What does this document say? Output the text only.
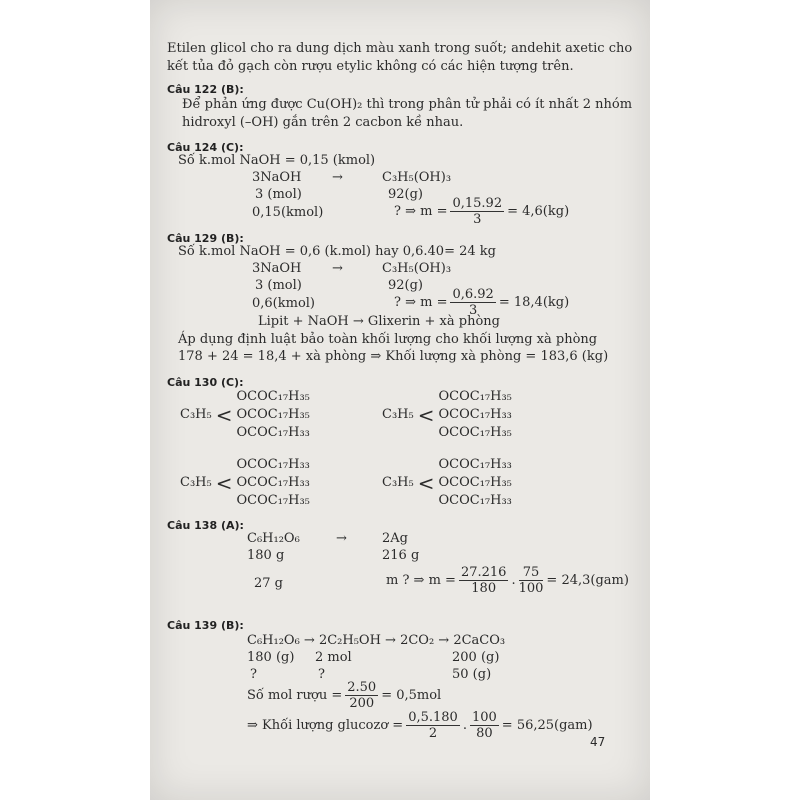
Etilen glicol cho ra dung dịch màu xanh trong suốt; andehit axetic cho
kết tủa đỏ gạch còn rượu etylic không có các hiện tượng trên.
Câu 122 (B):
Để phản ứng được Cu(OH)₂ thì trong phân tử phải có ít nhất 2 nhóm
hidroxyl (–OH) gắn trên 2 cacbon kề nhau.
Câu 124 (C):
Số k.mol NaOH = 0,15 (kmol)
3NaOH →	C₃H₅(OH)₃
3 (mol)	92(g)
0,15(kmol)	? ⇒ $m = \frac{0,15.92}{3} = 4,6(kg)$
Câu 129 (B):
Số k.mol NaOH = 0,6 (k.mol) hay 0,6.40= 24 kg
3NaOH →	C₃H₅(OH)₃
3 (mol)	92(g)
0,6(kmol)	? ⇒ $m = \frac{0,6.92}{3} = 18,4(kg)$
Lipit + NaOH → Glixerin + xà phòng
Áp dụng định luật bảo toàn khối lượng cho khối lượng xà phòng
178 + 24 = 18,4 + xà phòng ⇒ Khối lượng xà phòng = 183,6 (kg)
Câu 130 (C):
C₃H₅ <
OCOC₁₇H₃₅
OCOC₁₇H₃₅
OCOC₁₇H₃₃
C₃H₅ <
OCOC₁₇H₃₅
OCOC₁₇H₃₃
OCOC₁₇H₃₅
C₃H₅ <
OCOC₁₇H₃₃
OCOC₁₇H₃₃
OCOC₁₇H₃₅
C₃H₅ <
OCOC₁₇H₃₃
OCOC₁₇H₃₅
OCOC₁₇H₃₃
Câu 138 (A):
C₆H₁₂O₆	→	2Ag
180 g	216 g
27 g	m ? ⇒ $m = \frac{27.216}{180}$ . $\frac{75}{100} = 24,3(gam)$
Câu 139 (B):
C₆H₁₂O₆ → 2C₂H₅OH → 2CO₂ → 2CaCO₃
180 (g) 2 mol	200 (g)
?	?	50 (g)
Số mol rượu = $\frac{2.50}{200} = 0,5mol$
⇒ Khối lượng glucozơ = $\frac{0,5.180}{2}$ . $\frac{100}{80} = 56,25(gam)$
47
